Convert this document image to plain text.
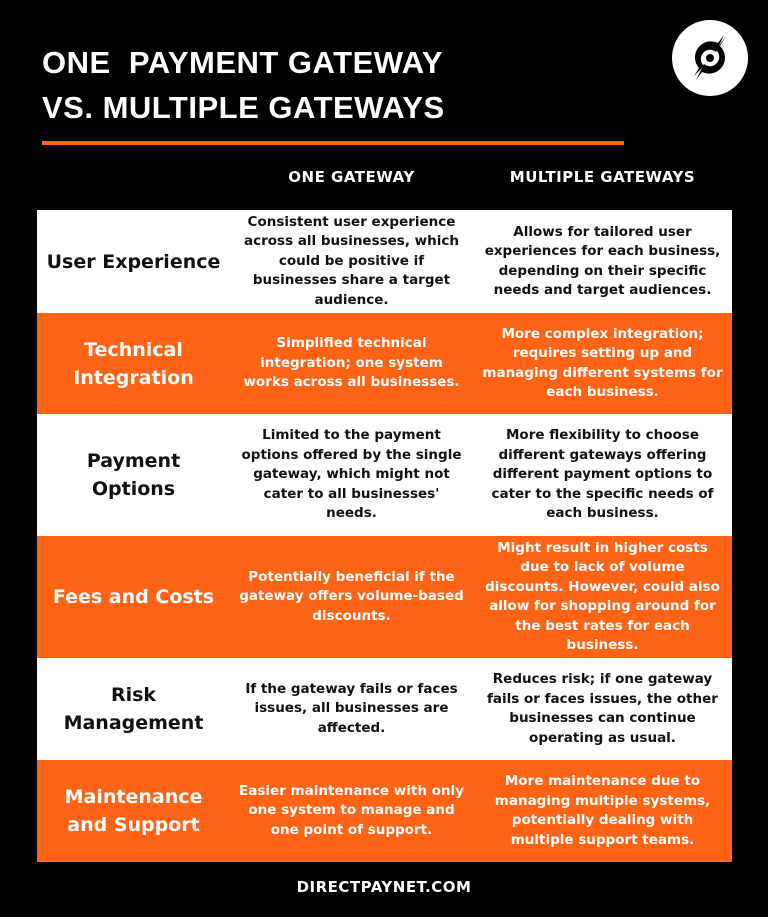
ONE  PAYMENT GATEWAY
VS. MULTIPLE GATEWAYS
ONE GATEWAY	MULTIPLE GATEWAYS
User Experience
Consistent user experience across all businesses, which could be positive if businesses share a target audience.
Allows for tailored user experiences for each business, depending on their specific needs and target audiences.
Technical Integration
Simplified technical integration; one system works across all businesses.
More complex integration; requires setting up and managing different systems for each business.
Payment Options
Limited to the payment options offered by the single gateway, which might not cater to all businesses' needs.
More flexibility to choose different gateways offering different payment options to cater to the specific needs of each business.
Fees and Costs
Potentially beneficial if the gateway offers volume-based discounts.
Might result in higher costs due to lack of volume discounts. However, could also allow for shopping around for the best rates for each business.
Risk Management
If the gateway fails or faces issues, all businesses are affected.
Reduces risk; if one gateway fails or faces issues, the other businesses can continue operating as usual.
Maintenance and Support
Easier maintenance with only one system to manage and one point of support.
More maintenance due to managing multiple systems, potentially dealing with multiple support teams.
DIRECTPAYNET.COM
